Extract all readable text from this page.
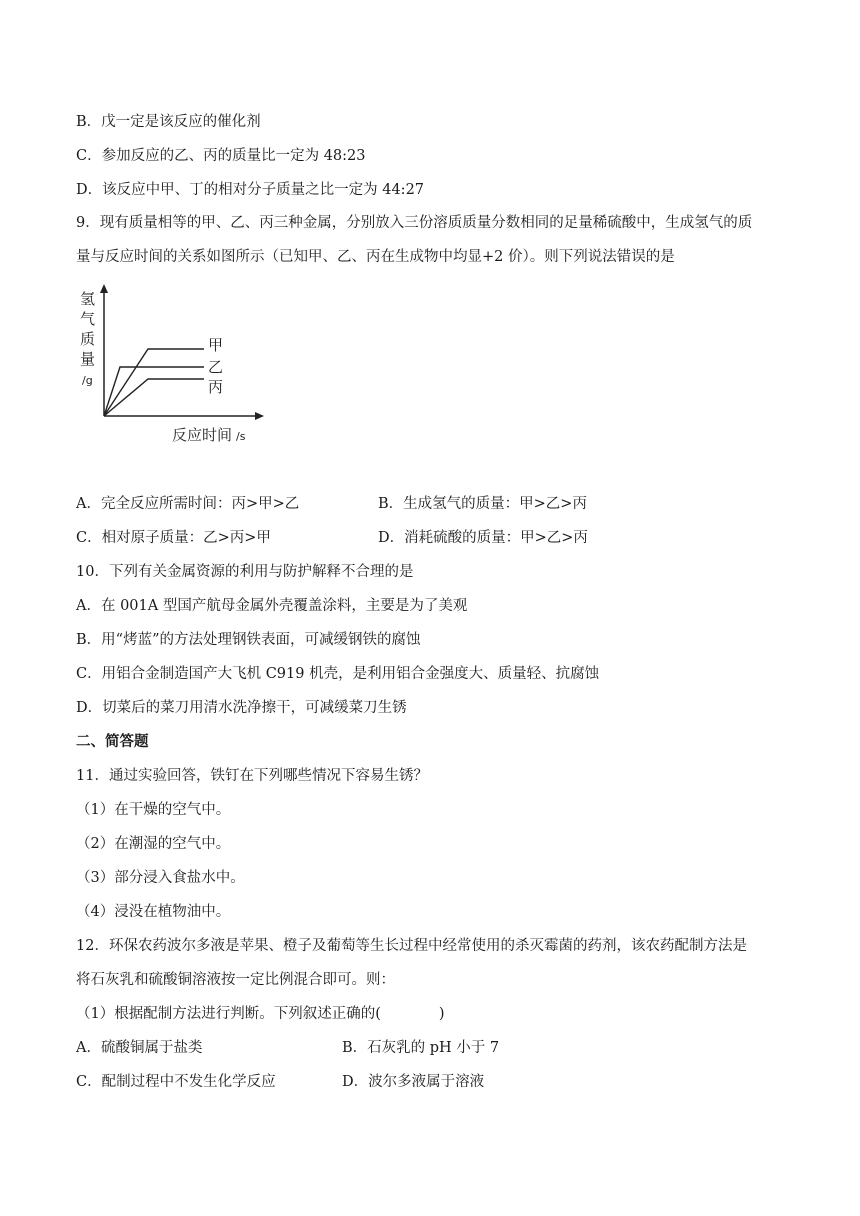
B．戊一定是该反应的催化剂
C．参加反应的乙、丙的质量比一定为 48:23
D．该反应中甲、丁的相对分子质量之比一定为 44:27
9．现有质量相等的甲、乙、丙三种金属，分别放入三份溶质质量分数相同的足量稀硫酸中，生成氢气的质
量与反应时间的关系如图所示（已知甲、乙、丙在生成物中均显+2 价）。则下列说法错误的是
甲
乙
丙
氢
气
质
量
/g
反应时间 /s
A．完全反应所需时间：丙>甲>乙	B．生成氢气的质量：甲>乙>丙
C．相对原子质量：乙>丙>甲	D．消耗硫酸的质量：甲>乙>丙
10．下列有关金属资源的利用与防护解释不合理的是
A．在 001A 型国产航母金属外壳覆盖涂料，主要是为了美观
B．用“烤蓝”的方法处理钢铁表面，可减缓钢铁的腐蚀
C．用铝合金制造国产大飞机 C919 机壳，是利用铝合金强度大、质量轻、抗腐蚀
D．切菜后的菜刀用清水洗净擦干，可减缓菜刀生锈
二、简答题
11．通过实验回答，铁钉在下列哪些情况下容易生锈？
（1）在干燥的空气中。
（2）在潮湿的空气中。
（3）部分浸入食盐水中。
（4）浸没在植物油中。
12．环保农药波尔多液是苹果、橙子及葡萄等生长过程中经常使用的杀灭霉菌的药剂，该农药配制方法是
将石灰乳和硫酸铜溶液按一定比例混合即可。则：
（1）根据配制方法进行判断。下列叙述正确的(　　　　)
A．硫酸铜属于盐类	B．石灰乳的 pH 小于 7
C．配制过程中不发生化学反应	D．波尔多液属于溶液
